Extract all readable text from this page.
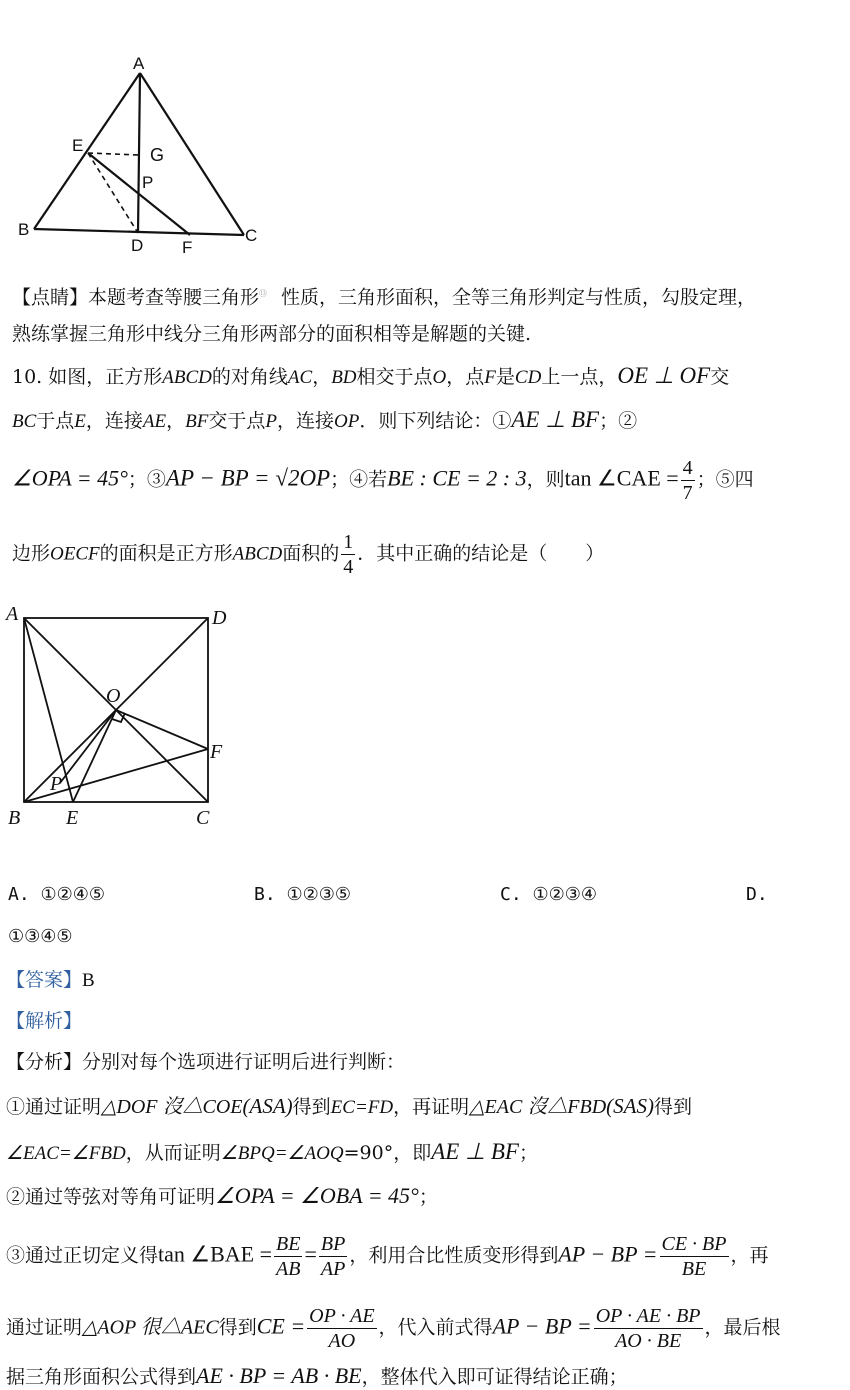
A
E	G
P
B
D F
C
【点睛】本题考查等腰三角形⑬ 性质，三角形面积，全等三角形判定与性质，勾股定理，
熟练掌握三角形中线分三角形两部分的面积相等是解题的关键.
10. 如图，正方形ABCD的对角线AC，BD相交于点O，点F是CD上一点，OE ⊥ OF交
BC于点E，连接AE，BF交于点P，连接OP．则下列结论：①AE ⊥ BF；②
∠OPA = 45°；③AP − BP = √2OP；④若BE : CE = 2 : 3，则tan ∠CAE = $\frac{4}{7}$ ；⑤四
边形OECF的面积是正方形ABCD面积的 $\frac{1}{4}$ ．其中正确的结论是（　　）
A	D
O
F
P
B E	C
A. ①②④⑤	B. ①②③⑤	C. ①②③④	D.
①③④⑤
【答案】B
【解析】
【分析】分别对每个选项进行证明后进行判断：
①通过证明△DOF 沒△COE(ASA)得到EC=FD，再证明△EAC 沒△FBD(SAS)得到
∠EAC=∠FBD，从而证明∠BPQ=∠AOQ=90°，即AE ⊥ BF；
②通过等弦对等角可证明∠OPA = ∠OBA = 45°；
③通过正切定义得tan ∠BAE = $\frac{BE}{AB} = \frac{BP}{AP}$ ，利用合比性质变形得到AP − BP = $\frac{CE \cdot BP}{BE}$ ，再
通过证明△AOP 很△AEC得到CE = $\frac{OP \cdot AE}{AO}$ ，代入前式得AP − BP = $\frac{OP \cdot AE \cdot BP}{AO \cdot BE}$ ，最后根
据三角形面积公式得到AE · BP = AB · BE，整体代入即可证得结论正确；
